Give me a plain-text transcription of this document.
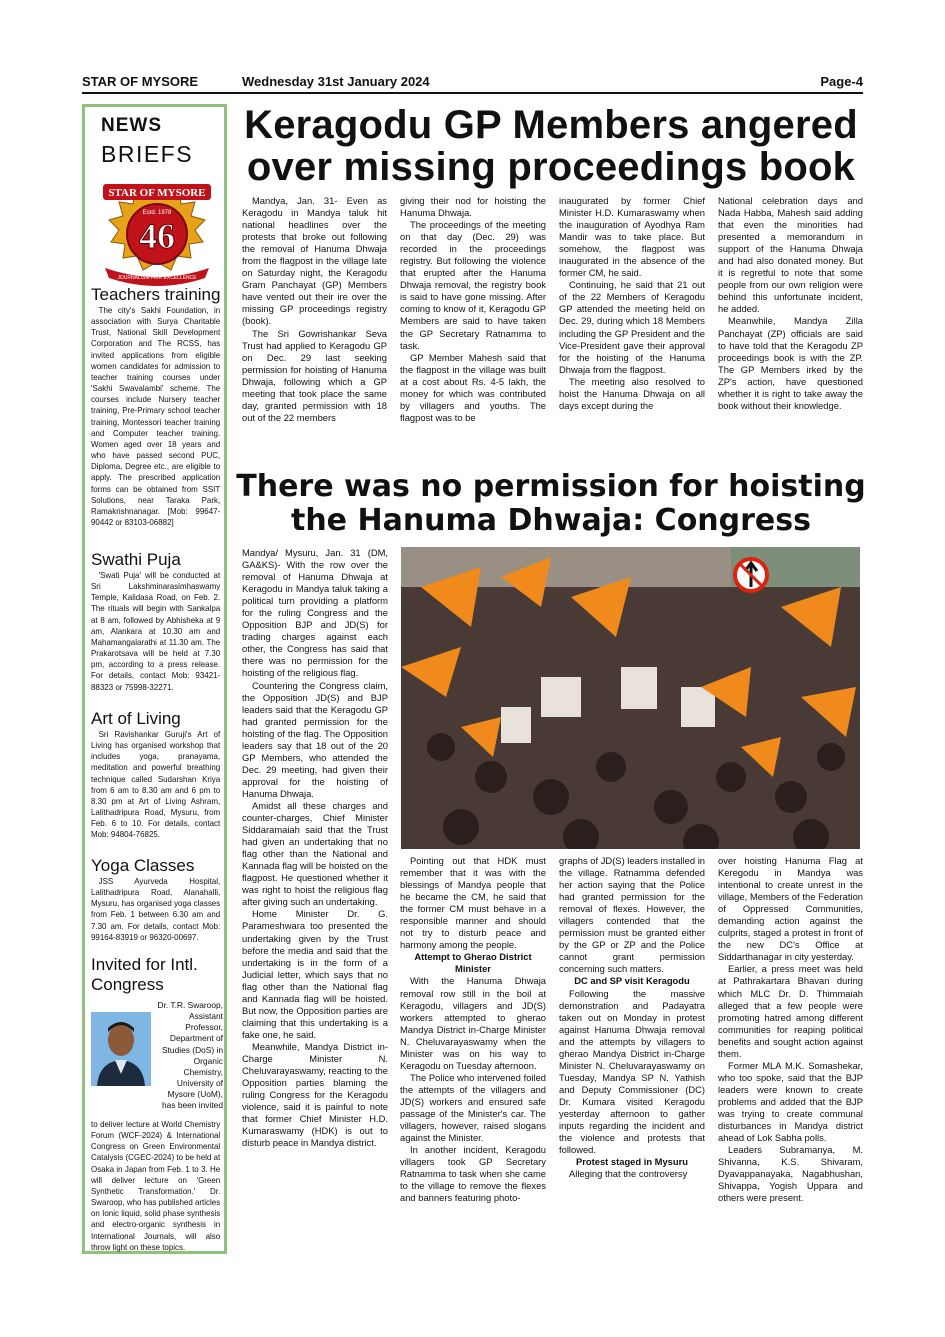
STAR OF MYSORE	Wednesday 31st January 2024	Page-4
NEWS
BRIEFS
STAR OF MYSORE
Estd. 1978
46
JOURNALISM FAIR EXCELLENCE
Teachers training

The city's Sakhi Foundation, in association with Surya Charitable Trust, National Skill Development Corporation and The RCSS, has invited applications from eligible women candidates for admission to teacher training courses under 'Sakhi Swavalambi' scheme. The courses include Nursery teacher training, Pre-Primary school teacher training, Montessori teacher training and Computer teacher training. Women aged over 18 years and who have passed second PUC, Diploma, Degree etc., are eligible to apply. The prescribed application forms can be obtained from SSIT Solutions, near Taraka Park, Ramakrishnanagar. [Mob: 99647-90442 or 83103-06882]

Swathi Puja

'Swati Puja' will be conducted at Sri Lakshminarasimhaswamy Temple, Kalidasa Road, on Feb. 2. The rituals will begin with Sankalpa at 8 am, followed by Abhisheka at 9 am, Alankara at 10.30 am and Mahamangalarathi at 11.30 am. The Prakarotsava will be held at 7.30 pm, according to a press release. For details, contact Mob: 93421-88323 or 75998-32271.

Art of Living

Sri Ravishankar Guruji's Art of Living has organised workshop that includes yoga, pranayama, meditation and powerful breathing technique called Sudarshan Kriya from 6 am to 8.30 am and 6 pm to 8.30 pm at Art of Living Ashram, Lalithadripura Road, Mysuru, from Feb. 6 to 10. For details, contact Mob: 94804-76825.

Yoga Classes

JSS Ayurveda Hospital, Lalithadripura Road, Alanahalli, Mysuru, has organised yoga classes from Feb. 1 between 6.30 am and 7.30 am. For details, contact Mob: 99164-83919 or 96320-00697.

Invited for Intl. Congress
Dr. T.R. Swaroop, Assistant Professor, Department of Studies (DoS) in Organic Chemistry, University of Mysore (UoM), has been invited

to deliver lecture at World Chemistry Forum (WCF-2024) & International Congress on Green Environmental Catalysis (CGEC-2024) to be held at Osaka in Japan from Feb. 1 to 3. He will deliver lecture on 'Green Synthetic Transformation.' Dr. Swaroop, who has published articles on Ionic liquid, solid phase synthesis and electro-organic synthesis in International Journals, will also throw light on these topics.

Keragodu GP Members angered
over missing proceedings book

Mandya, Jan. 31- Even as Keragodu in Mandya taluk hit national headlines over the protests that broke out following the removal of Hanuma Dhwaja from the flagpost in the village late on Saturday night, the Keragodu Gram Panchayat (GP) Members have vented out their ire over the missing GP proceedings registry (book).

The Sri Gowrishankar Seva Trust had applied to Keragodu GP on Dec. 29 last seeking permission for hoisting of Hanuma Dhwaja, following which a GP meeting that took place the same day, granted permission with 18 out of the 22 members

giving their nod for hoisting the Hanuma Dhwaja.

The proceedings of the meeting on that day (Dec. 29) was recorded in the proceedings registry. But following the violence that erupted after the Hanuma Dhwaja removal, the registry book is said to have gone missing. After coming to know of it, Keragodu GP Members are said to have taken the GP Secretary Ratnamma to task.

GP Member Mahesh said that the flagpost in the village was built at a cost about Rs. 4-5 lakh, the money for which was contributed by villagers and youths. The flagpost was to be

inaugurated by former Chief Minister H.D. Kumaraswamy when the inauguration of Ayodhya Ram Mandir was to take place. But somehow, the flagpost was inaugurated in the absence of the former CM, he said.

Continuing, he said that 21 out of the 22 Members of Keragodu GP attended the meeting held on Dec. 29, during which 18 Members including the GP President and the Vice-President gave their approval for the hoisting of the Hanuma Dhwaja from the flagpost.

The meeting also resolved to hoist the Hanuma Dhwaja on all days except during the

National celebration days and Nada Habba, Mahesh said adding that even the minorities had presented a memorandum in support of the Hanuma Dhwaja and had also donated money. But it is regretful to note that some people from our own religion were behind this unfortunate incident, he added.

Meanwhile, Mandya Zilla Panchayat (ZP) officials are said to have told that the Keragodu ZP proceedings book is with the ZP. The GP Members irked by the ZP's action, have questioned whether it is right to take away the book without their knowledge.

There was no permission for hoisting
the Hanuma Dhwaja: Congress

Mandya/ Mysuru, Jan. 31 (DM, GA&KS)- With the row over the removal of Hanuma Dhwaja at Keragodu in Mandya taluk taking a political turn providing a platform for the ruling Congress and the Opposition BJP and JD(S) for trading charges against each other, the Congress has said that there was no permission for the hoisting of the religious flag.

Countering the Congress claim, the Opposition JD(S) and BJP leaders said that the Keragodu GP had granted permission for the hoisting of the flag. The Opposition leaders say that 18 out of the 20 GP Members, who attended the Dec. 29 meeting, had given their approval for the hoisting of Hanuma Dhwaja.

Amidst all these charges and counter-charges, Chief Minister Siddaramaiah said that the Trust had given an undertaking that no flag other than the National and Kannada flag will be hoisted on the flagpost. He questioned whether it was right to hoist the religious flag after giving such an undertaking.

Home Minister Dr. G. Parameshwara too presented the undertaking given by the Trust before the media and said that the undertaking is in the form of a Judicial letter, which says that no flag other than the National flag and Kannada flag will be hoisted. But now, the Opposition parties are claiming that this undertaking is a fake one, he said.

Meanwhile, Mandya District in-Charge Minister N. Cheluvarayaswamy, reacting to the Opposition parties blaming the ruling Congress for the Keragodu violence, said it is painful to note that former Chief Minister H.D. Kumaraswamy (HDK) is out to disturb peace in Mandya district.

Pointing out that HDK must remember that it was with the blessings of Mandya people that he became the CM, he said that the former CM must behave in a responsible manner and should not try to disturb peace and harmony among the people.

Attempt to Gherao District Minister

With the Hanuma Dhwaja removal row still in the boil at Keragodu, villagers and JD(S) workers attempted to gherao Mandya District in-Charge Minister N. Cheluvarayaswamy when the Minister was on his way to Keragodu on Tuesday afternoon.

The Police who intervened foiled the attempts of the villagers and JD(S) workers and ensured safe passage of the Minister's car. The villagers, however, raised slogans against the Minister.

In another incident, Keragodu villagers took GP Secretary Ratnamma to task when she came to the village to remove the flexes and banners featuring photo-

graphs of JD(S) leaders installed in the village. Ratnamma defended her action saying that the Police had granted permission for the removal of flexes. However, the villagers contended that the permission must be granted either by the GP or ZP and the Police cannot grant permission concerning such matters.

DC and SP visit Keragodu

Following the massive demonstration and Padayatra taken out on Monday in protest against Hanuma Dhwaja removal and the attempts by villagers to gherao Mandya District in-Charge Minister N. Cheluvarayaswamy on Tuesday, Mandya SP N. Yathish and Deputy Commissioner (DC) Dr. Kumara visited Keragodu yesterday afternoon to gather inputs regarding the incident and the violence and protests that followed.

Protest staged in Mysuru

Alleging that the controversy

over hoisting Hanuma Flag at Keregodu in Mandya was intentional to create unrest in the village, Members of the Federation of Oppressed Communities, demanding action against the culprits, staged a protest in front of the new DC's Office at Siddarthanagar in city yesterday.

Earlier, a press meet was held at Pathrakartara Bhavan during which MLC Dr. D. Thimmaiah alleged that a few people were promoting hatred among different communities for reaping political benefits and sought action against them.

Former MLA M.K. Somashekar, who too spoke, said that the BJP leaders were known to create problems and added that the BJP was trying to create communal disturbances in Mandya district ahead of Lok Sabha polls.

Leaders Subramanya, M. Shivanna, K.S. Shivaram, Dyavappanayaka, Nagabhushan, Shivappa, Yogish Uppara and others were present.
